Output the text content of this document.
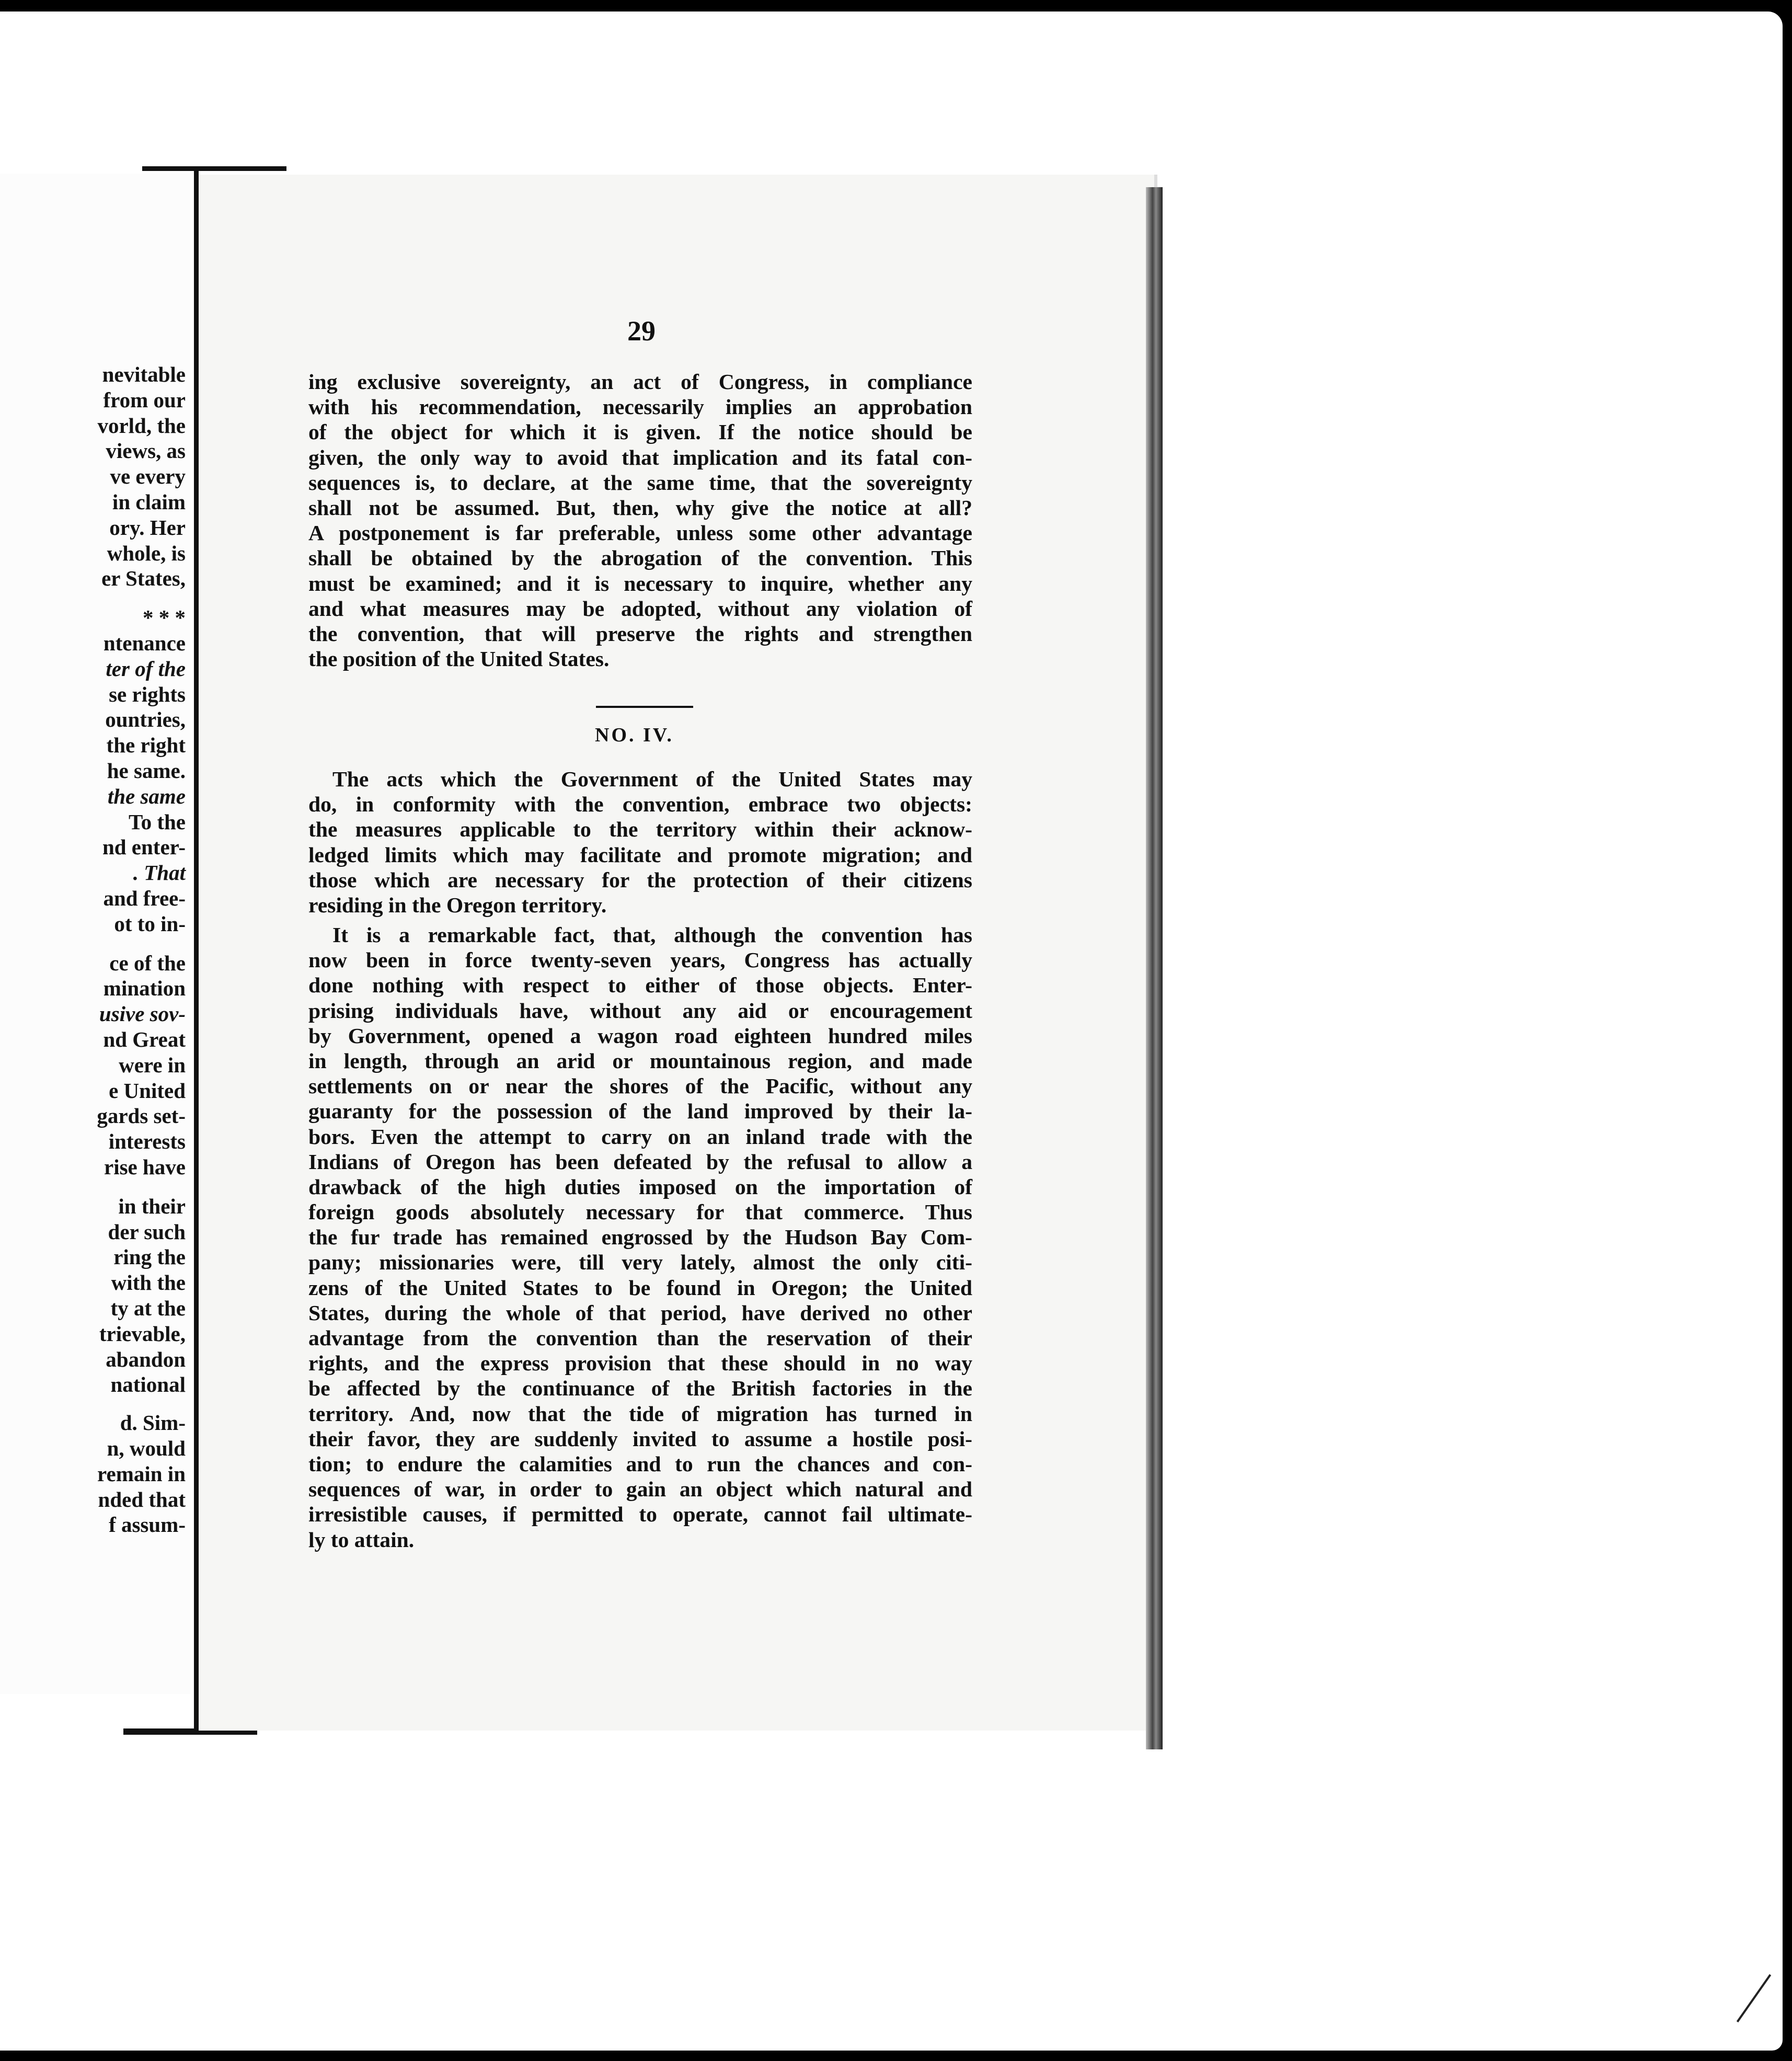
nevitable
from our
vorld, the
views, as
ve every
in claim
ory. Her
whole, is
er States,
* * *
ntenance
ter of the
se rights
ountries,
the right
he same.
the same
To the
nd enter-
. That
and free-
ot to in-
ce of the
mination
usive sov-
nd Great
were in
e United
gards set-
interests
rise have
in their
der such
ring the
with the
ty at the
trievable,
abandon
national
d. Sim-
n, would
remain in
nded that
f assum-
29
ing exclusive sovereignty, an act of Congress, in compliance
with his recommendation, necessarily implies an approbation
of the object for which it is given. If the notice should be
given, the only way to avoid that implication and its fatal con-
sequences is, to declare, at the same time, that the sovereignty
shall not be assumed. But, then, why give the notice at all?
A postponement is far preferable, unless some other advantage
shall be obtained by the abrogation of the convention. This
must be examined; and it is necessary to inquire, whether any
and what measures may be adopted, without any violation of
the convention, that will preserve the rights and strengthen
the position of the United States.
NO. IV.
The acts which the Government of the United States may
do, in conformity with the convention, embrace two objects:
the measures applicable to the territory within their acknow-
ledged limits which may facilitate and promote migration; and
those which are necessary for the protection of their citizens
residing in the Oregon territory.
It is a remarkable fact, that, although the convention has
now been in force twenty-seven years, Congress has actually
done nothing with respect to either of those objects. Enter-
prising individuals have, without any aid or encouragement
by Government, opened a wagon road eighteen hundred miles
in length, through an arid or mountainous region, and made
settlements on or near the shores of the Pacific, without any
guaranty for the possession of the land improved by their la-
bors. Even the attempt to carry on an inland trade with the
Indians of Oregon has been defeated by the refusal to allow a
drawback of the high duties imposed on the importation of
foreign goods absolutely necessary for that commerce. Thus
the fur trade has remained engrossed by the Hudson Bay Com-
pany; missionaries were, till very lately, almost the only citi-
zens of the United States to be found in Oregon; the United
States, during the whole of that period, have derived no other
advantage from the convention than the reservation of their
rights, and the express provision that these should in no way
be affected by the continuance of the British factories in the
territory. And, now that the tide of migration has turned in
their favor, they are suddenly invited to assume a hostile posi-
tion; to endure the calamities and to run the chances and con-
sequences of war, in order to gain an object which natural and
irresistible causes, if permitted to operate, cannot fail ultimate-
ly to attain.
